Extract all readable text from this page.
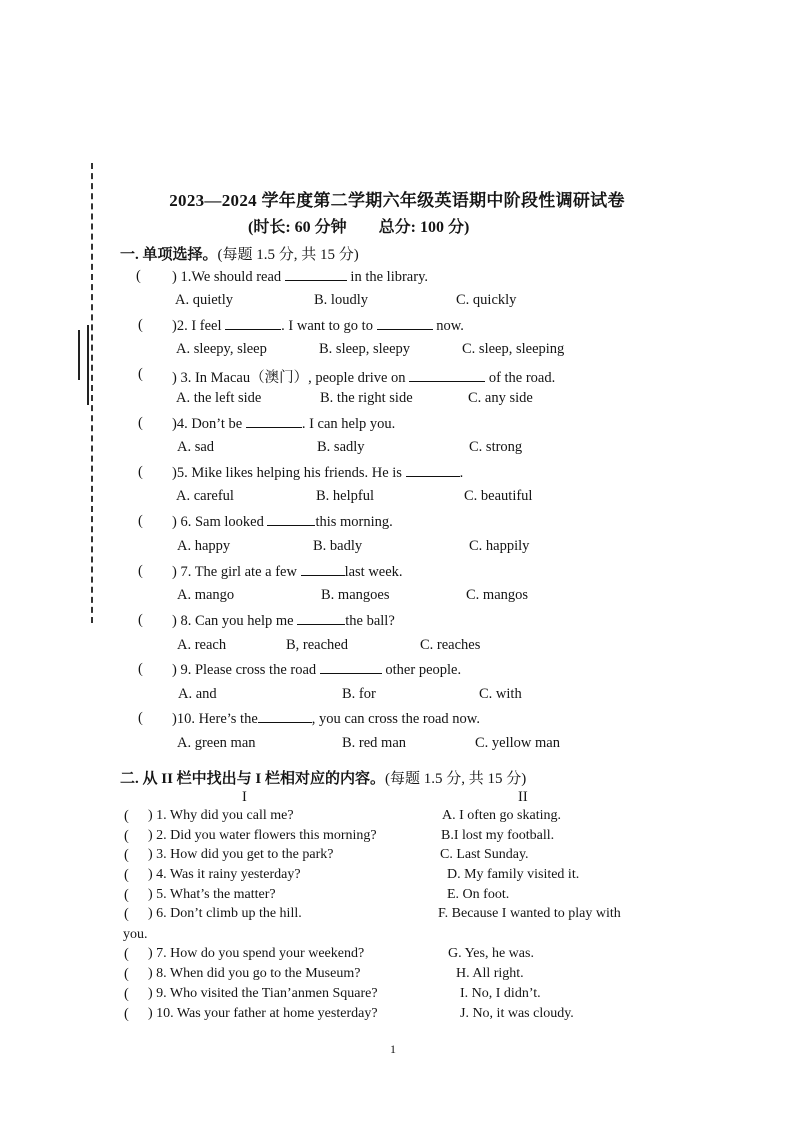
2023—2024 学年度第二学期六年级英语期中阶段性调研试卷
(时长: 60 分钟        总分: 100 分)
一. 单项选择。(每题 1.5 分, 共 15 分)
( ) 1.We should read	in the library.
A. quietly	B. loudly	C. quickly
( )2. I feel	. I want to go to	now.
A. sleepy, sleep	B. sleep, sleepy	C. sleep, sleeping
( ) 3. In Macau（澳门）, people drive on	of the road.
A. the left side	B. the right side	C. any side
( )4. Don’t be	. I can help you.
A. sad	B. sadly	C. strong
( )5. Mike likes helping his friends. He is	.
A. careful	B. helpful	C. beautiful
( ) 6. Sam looked	this morning.
A. happy	B. badly	C. happily
( ) 7. The girl ate a few	last week.
A. mango	B. mangoes	C. mangos
( ) 8. Can you help me	the ball?
A. reach	B, reached	C. reaches
( ) 9. Please cross the road	other people.
A. and	B. for	C. with
( )10. Here’s the	, you can cross the road now.
A. green man	B. red man	C. yellow man
二. 从 II 栏中找出与 I 栏相对应的内容。(每题 1.5 分, 共 15 分)
I	II
( ) 1. Why did you call me?	A. I often go skating.
( ) 2. Did you water flowers this morning?	B.I lost my football.
( ) 3. How did you get to the park?	C. Last Sunday.
( ) 4. Was it rainy yesterday?	D. My family visited it.
( ) 5. What’s the matter?	E. On foot.
( ) 6. Don’t climb up the hill.	F. Because I wanted to play with
you.
( ) 7. How do you spend your weekend?	G. Yes, he was.
( ) 8. When did you go to the Museum?	H. All right.
( ) 9. Who visited the Tian’anmen Square?	I. No, I didn’t.
( ) 10. Was your father at home yesterday?	J. No, it was cloudy.
1
